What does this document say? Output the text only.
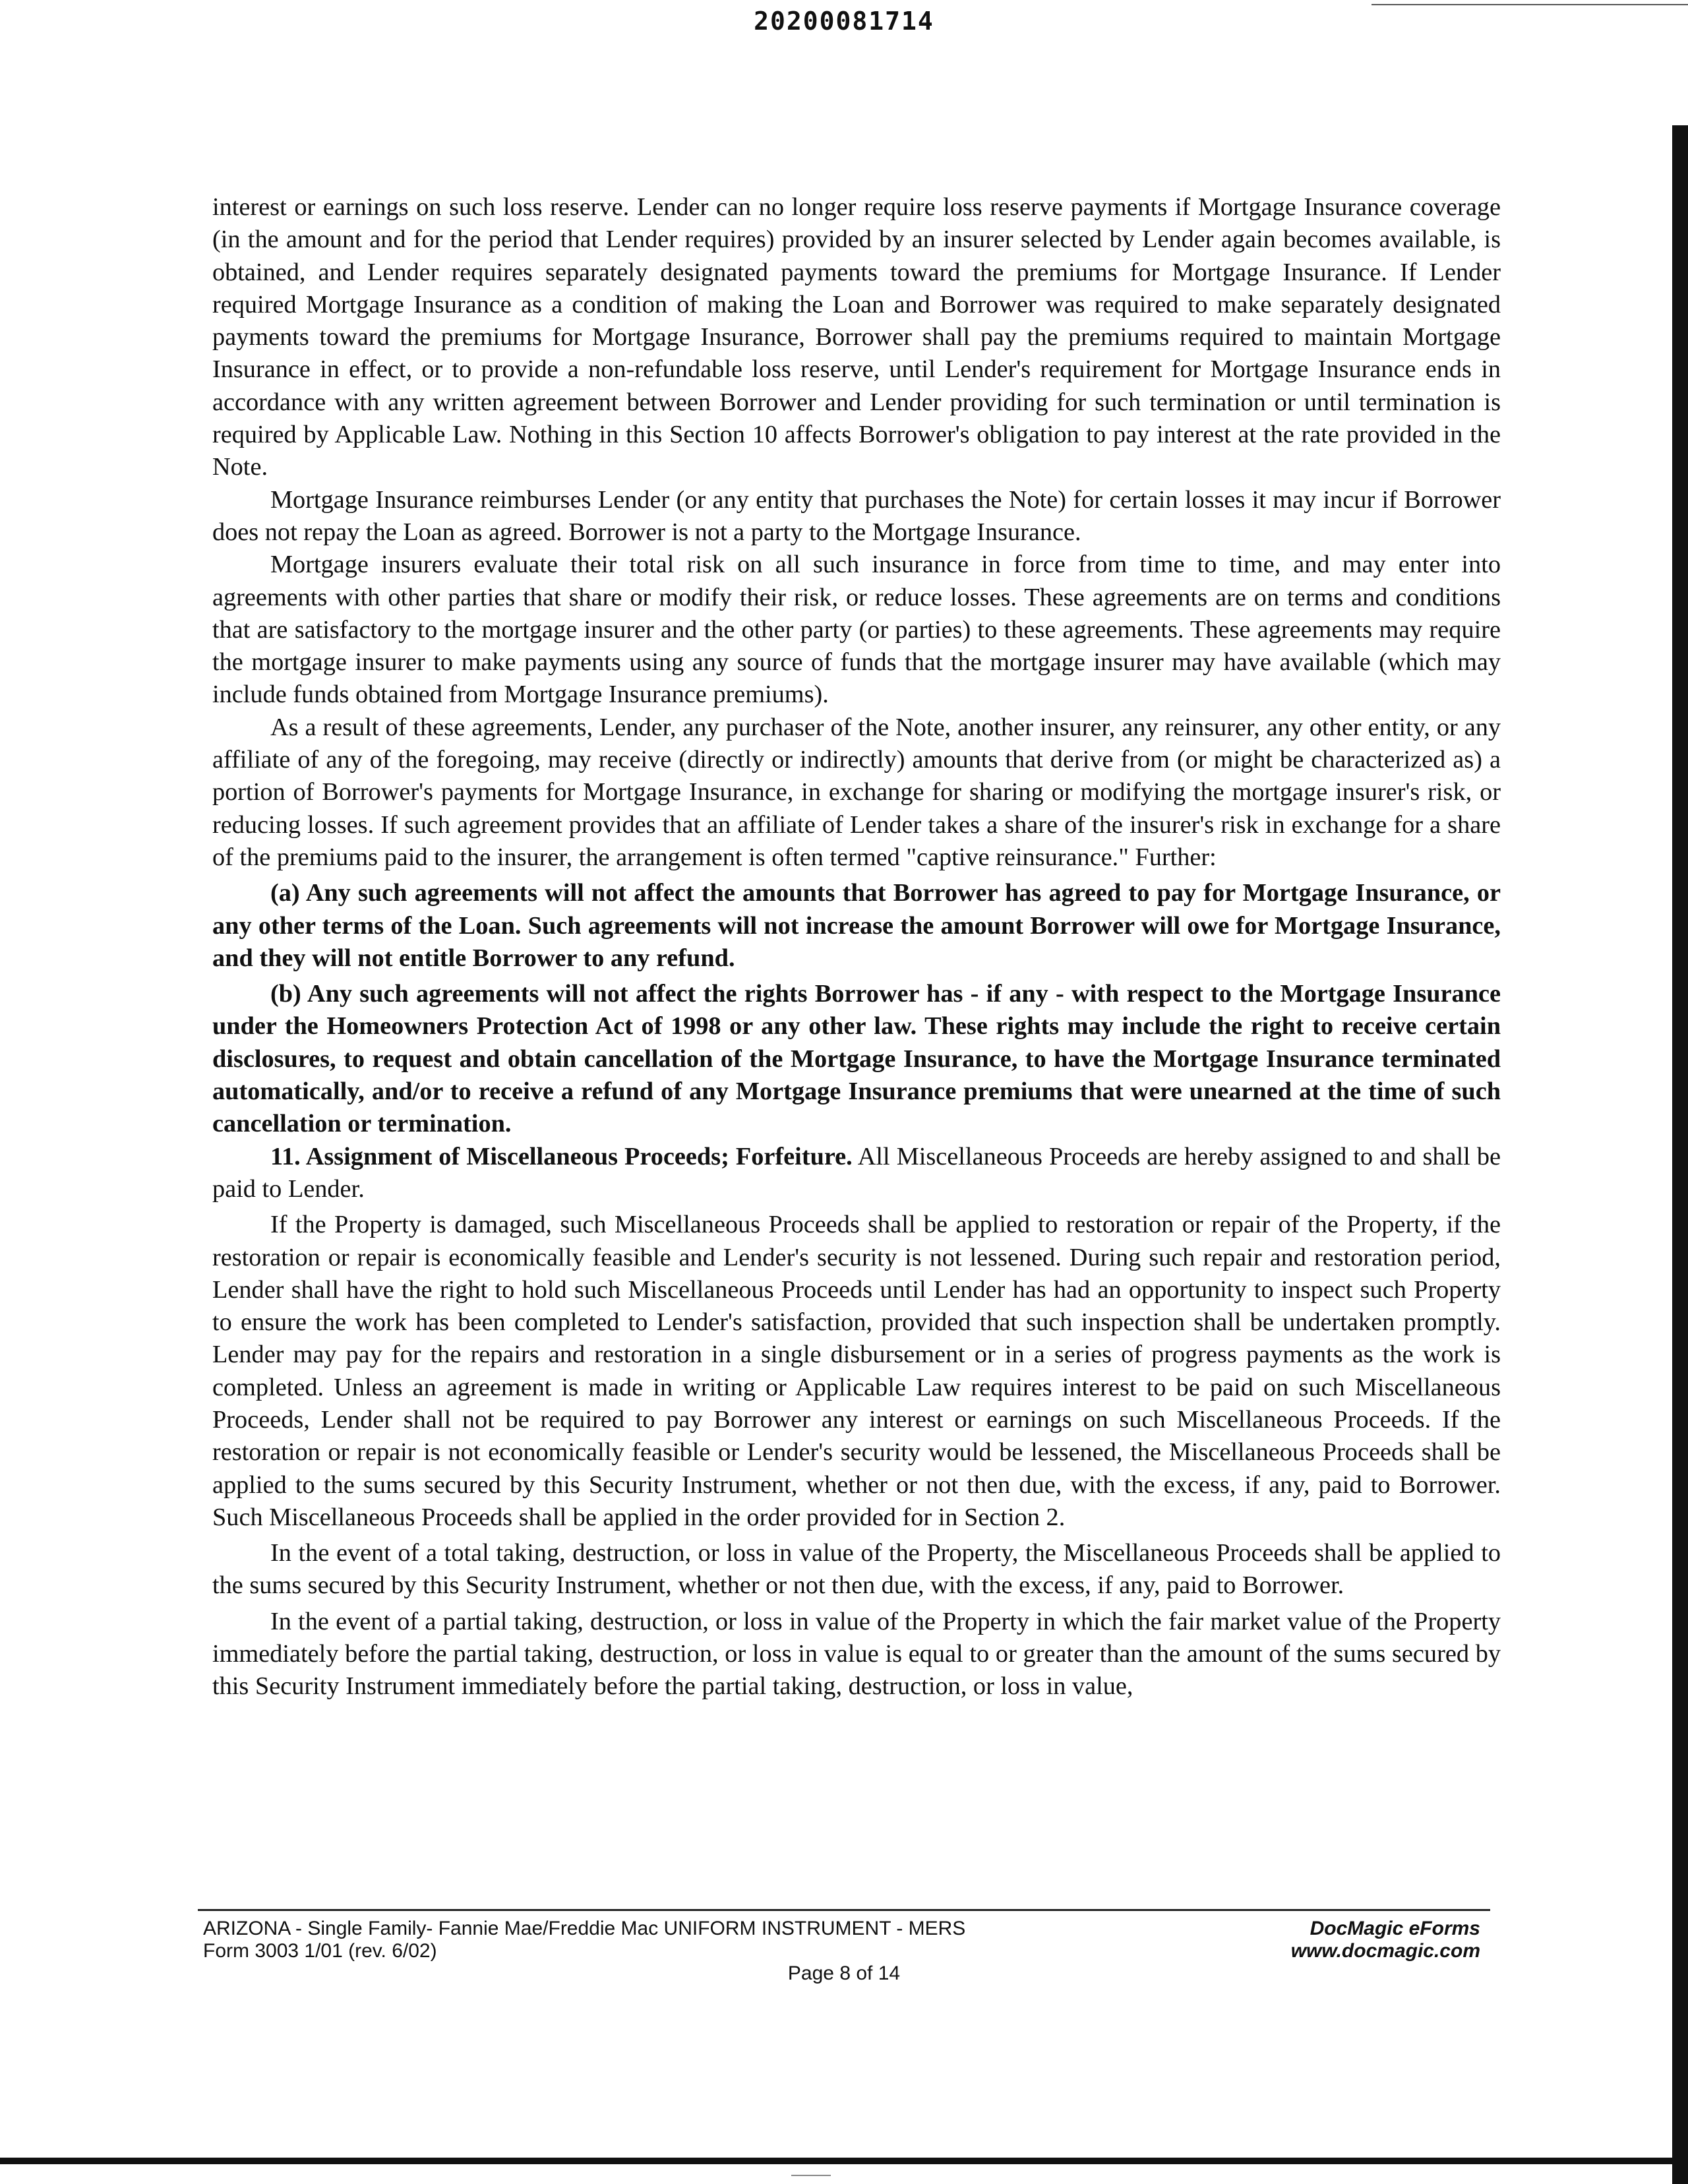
20200081714

interest or earnings on such loss reserve. Lender can no longer require loss reserve payments if Mortgage Insurance coverage (in the amount and for the period that Lender requires) provided by an insurer selected by Lender again becomes available, is obtained, and Lender requires separately designated payments toward the premiums for Mortgage Insurance. If Lender required Mortgage Insurance as a condition of making the Loan and Borrower was required to make separately designated payments toward the premiums for Mortgage Insurance, Borrower shall pay the premiums required to maintain Mortgage Insurance in effect, or to provide a non-refundable loss reserve, until Lender's requirement for Mortgage Insurance ends in accordance with any written agreement between Borrower and Lender providing for such termination or until termination is required by Applicable Law. Nothing in this Section 10 affects Borrower's obligation to pay interest at the rate provided in the Note.

Mortgage Insurance reimburses Lender (or any entity that purchases the Note) for certain losses it may incur if Borrower does not repay the Loan as agreed. Borrower is not a party to the Mortgage Insurance.

Mortgage insurers evaluate their total risk on all such insurance in force from time to time, and may enter into agreements with other parties that share or modify their risk, or reduce losses. These agreements are on terms and conditions that are satisfactory to the mortgage insurer and the other party (or parties) to these agreements. These agreements may require the mortgage insurer to make payments using any source of funds that the mortgage insurer may have available (which may include funds obtained from Mortgage Insurance premiums).

As a result of these agreements, Lender, any purchaser of the Note, another insurer, any reinsurer, any other entity, or any affiliate of any of the foregoing, may receive (directly or indirectly) amounts that derive from (or might be characterized as) a portion of Borrower's payments for Mortgage Insurance, in exchange for sharing or modifying the mortgage insurer's risk, or reducing losses. If such agreement provides that an affiliate of Lender takes a share of the insurer's risk in exchange for a share of the premiums paid to the insurer, the arrangement is often termed "captive reinsurance." Further:

(a) Any such agreements will not affect the amounts that Borrower has agreed to pay for Mortgage Insurance, or any other terms of the Loan. Such agreements will not increase the amount Borrower will owe for Mortgage Insurance, and they will not entitle Borrower to any refund.

(b) Any such agreements will not affect the rights Borrower has - if any - with respect to the Mortgage Insurance under the Homeowners Protection Act of 1998 or any other law. These rights may include the right to receive certain disclosures, to request and obtain cancellation of the Mortgage Insurance, to have the Mortgage Insurance terminated automatically, and/or to receive a refund of any Mortgage Insurance premiums that were unearned at the time of such cancellation or termination.

11. Assignment of Miscellaneous Proceeds; Forfeiture. All Miscellaneous Proceeds are hereby assigned to and shall be paid to Lender.

If the Property is damaged, such Miscellaneous Proceeds shall be applied to restoration or repair of the Property, if the restoration or repair is economically feasible and Lender's security is not lessened. During such repair and restoration period, Lender shall have the right to hold such Miscellaneous Proceeds until Lender has had an opportunity to inspect such Property to ensure the work has been completed to Lender's satisfaction, provided that such inspection shall be undertaken promptly. Lender may pay for the repairs and restoration in a single disbursement or in a series of progress payments as the work is completed. Unless an agreement is made in writing or Applicable Law requires interest to be paid on such Miscellaneous Proceeds, Lender shall not be required to pay Borrower any interest or earnings on such Miscellaneous Proceeds. If the restoration or repair is not economically feasible or Lender's security would be lessened, the Miscellaneous Proceeds shall be applied to the sums secured by this Security Instrument, whether or not then due, with the excess, if any, paid to Borrower. Such Miscellaneous Proceeds shall be applied in the order provided for in Section 2.

In the event of a total taking, destruction, or loss in value of the Property, the Miscellaneous Proceeds shall be applied to the sums secured by this Security Instrument, whether or not then due, with the excess, if any, paid to Borrower.

In the event of a partial taking, destruction, or loss in value of the Property in which the fair market value of the Property immediately before the partial taking, destruction, or loss in value is equal to or greater than the amount of the sums secured by this Security Instrument immediately before the partial taking, destruction, or loss in value,

ARIZONA - Single Family- Fannie Mae/Freddie Mac UNIFORM INSTRUMENT - MERS
Form 3003 1/01 (rev. 6/02)
DocMagic eForms
www.docmagic.com
Page 8 of 14
